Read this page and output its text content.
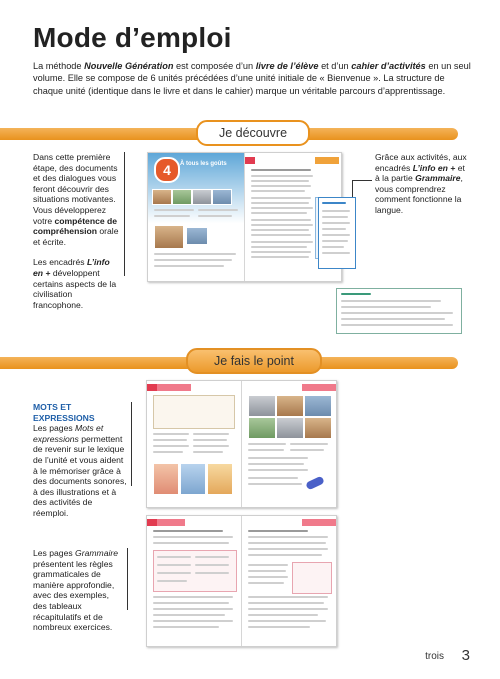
Mode d’emploi
La méthode Nouvelle Génération est composée d’un livre de l’élève et d’un cahier d’activités en un seul volume. Elle se compose de 6 unités précédées d’une unité initiale de « Bienvenue ». La structure de chaque unité (identique dans le livre et dans le cahier) marque un véritable parcours d’apprentissage.
Je découvre
Dans cette première étape, des documents et des dialogues vous feront découvrir des situations motivantes. Vous développerez votre compétence de compréhension orale et écrite.
Les encadrés L’info en + développent certains aspects de la civilisation francophone.
4	À tous les goûts
Grâce aux activités, aux encadrés L’info en + et à la partie Grammaire, vous comprendrez comment fonctionne la langue.
Je fais le point
MOTS ET EXPRESSIONS
Les pages Mots et expressions permettent de revenir sur le lexique de l’unité et vous aident à le mémoriser grâce à des documents sonores, à des illustrations et à des activités de réemploi.
Les pages Grammaire présentent les règles grammaticales de manière approfondie, avec des exemples, des tableaux récapitulatifs et de nombreux exercices.
trois 3
